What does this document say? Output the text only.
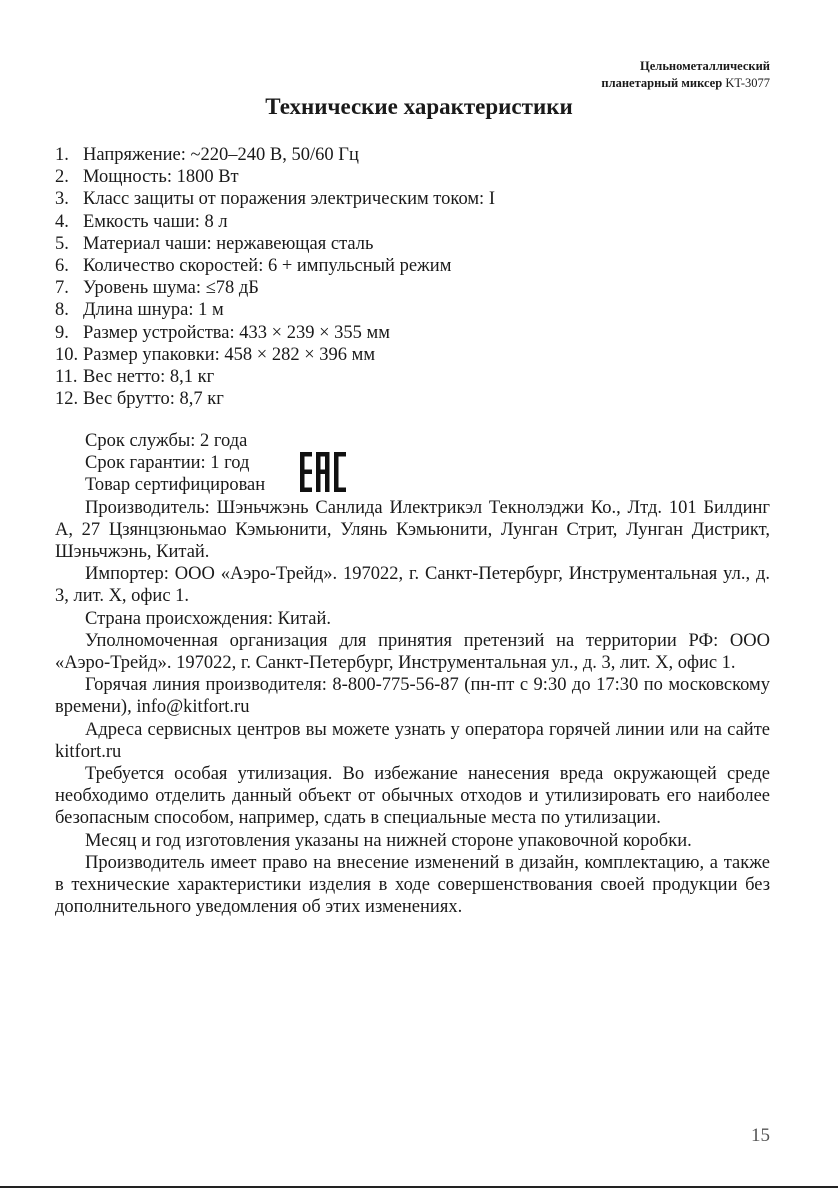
Цельнометаллический
планетарный миксер KT-3077
Технические характеристики
1. Напряжение: ~220–240 В, 50/60 Гц
2. Мощность: 1800 Вт
3. Класс защиты от поражения электрическим током: I
4. Емкость чаши: 8 л
5. Материал чаши: нержавеющая сталь
6. Количество скоростей: 6 + импульсный режим
7. Уровень шума: ≤78 дБ
8. Длина шнура: 1 м
9. Размер устройства: 433 × 239 × 355 мм
10. Размер упаковки: 458 × 282 × 396 мм
11. Вес нетто: 8,1 кг
12. Вес брутто: 8,7 кг

Срок службы: 2 года

Срок гарантии: 1 год

Товар сертифицирован

Производитель: Шэньчжэнь Санлида Илектрикэл Текнолэджи Ко., Лтд. 101 Билдинг А, 27 Цзянцзюньмао Кэмьюнити, Улянь Кэмьюнити, Лунган Стрит, Лунган Дистрикт, Шэньчжэнь, Китай.

Импортер: ООО «Аэро-Трейд». 197022, г. Санкт-Петербург, Инструментальная ул., д. 3, лит. Х, офис 1.

Страна происхождения: Китай.

Уполномоченная организация для принятия претензий на территории РФ: ООО «Аэро-Трейд». 197022, г. Санкт-Петербург, Инструментальная ул., д. 3, лит. Х, офис 1.

Горячая линия производителя: 8-800-775-56-87 (пн-пт с 9:30 до 17:30 по московскому времени), info@kitfort.ru

Адреса сервисных центров вы можете узнать у оператора горячей линии или на сайте kitfort.ru

Требуется особая утилизация. Во избежание нанесения вреда окружающей среде необходимо отделить данный объект от обычных отходов и утилизировать его наиболее безопасным способом, например, сдать в специальные места по утилизации.

Месяц и год изготовления указаны на нижней стороне упаковочной коробки.

Производитель имеет право на внесение изменений в дизайн, комплектацию, а также в технические характеристики изделия в ходе совершенствования своей продукции без дополнительного уведомления об этих изменениях.

15
